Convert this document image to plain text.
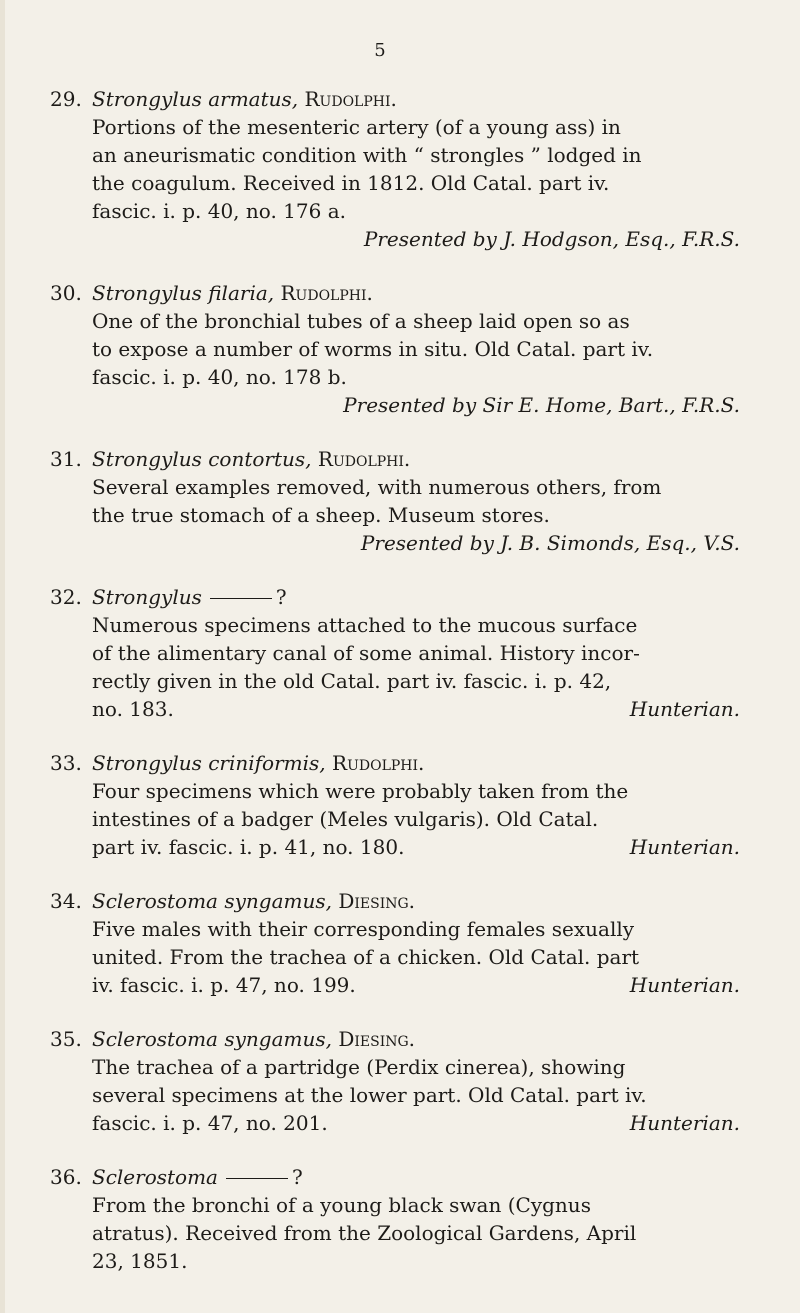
5
29. Strongylus armatus, Rudolphi.
Portions of the mesenteric artery (of a young ass) in
an aneurismatic condition with “ strongles ” lodged in
the coagulum. Received in 1812. Old Catal. part iv.
fascic. i. p. 40, no. 176 a.
Presented by J. Hodgson, Esq., F.R.S.
30. Strongylus filaria, Rudolphi.
One of the bronchial tubes of a sheep laid open so as
to expose a number of worms in situ. Old Catal. part iv.
fascic. i. p. 40, no. 178 b.
Presented by Sir E. Home, Bart., F.R.S.
31. Strongylus contortus, Rudolphi.
Several examples removed, with numerous others, from
the true stomach of a sheep. Museum stores.
Presented by J. B. Simonds, Esq., V.S.
32. Strongylus	?
Numerous specimens attached to the mucous surface
of the alimentary canal of some animal. History incor-
rectly given in the old Catal. part iv. fascic. i. p. 42,
no. 183.	Hunterian.
33. Strongylus criniformis, Rudolphi.
Four specimens which were probably taken from the
intestines of a badger (Meles vulgaris). Old Catal.
part iv. fascic. i. p. 41, no. 180.	Hunterian.
34. Sclerostoma syngamus, Diesing.
Five males with their corresponding females sexually
united. From the trachea of a chicken. Old Catal. part
iv. fascic. i. p. 47, no. 199.	Hunterian.
35. Sclerostoma syngamus, Diesing.
The trachea of a partridge (Perdix cinerea), showing
several specimens at the lower part. Old Catal. part iv.
fascic. i. p. 47, no. 201.	Hunterian.
36. Sclerostoma	?
From the bronchi of a young black swan (Cygnus
atratus). Received from the Zoological Gardens, April
23, 1851.
